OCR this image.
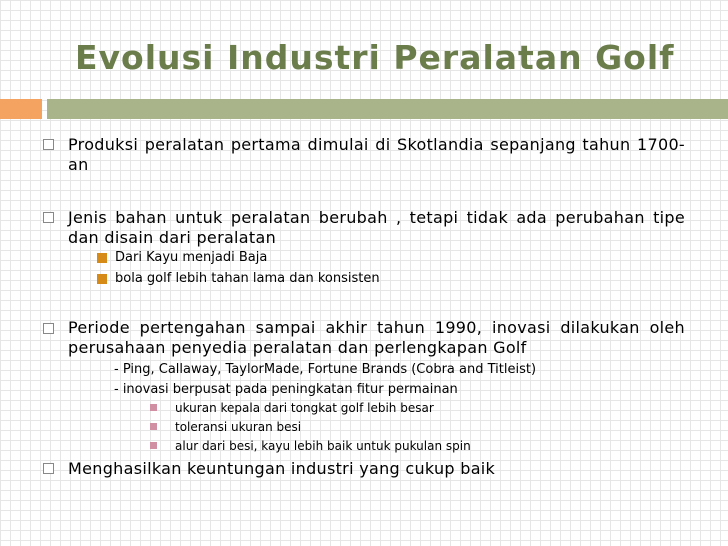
Evolusi Industri Peralatan Golf
Produksi peralatan pertama dimulai di Skotlandia sepanjang tahun 1700-an
Jenis bahan untuk peralatan berubah , tetapi tidak ada perubahan tipe dan disain dari peralatan
Dari Kayu menjadi Baja
bola golf lebih tahan lama dan konsisten
Periode pertengahan sampai akhir tahun 1990, inovasi dilakukan oleh perusahaan penyedia peralatan dan perlengkapan Golf
- Ping, Callaway, TaylorMade, Fortune Brands (Cobra and Titleist)
- inovasi berpusat pada peningkatan fitur permainan
ukuran kepala dari tongkat golf lebih besar
toleransi ukuran besi
alur dari besi, kayu lebih baik untuk pukulan spin
Menghasilkan keuntungan industri yang cukup baik
